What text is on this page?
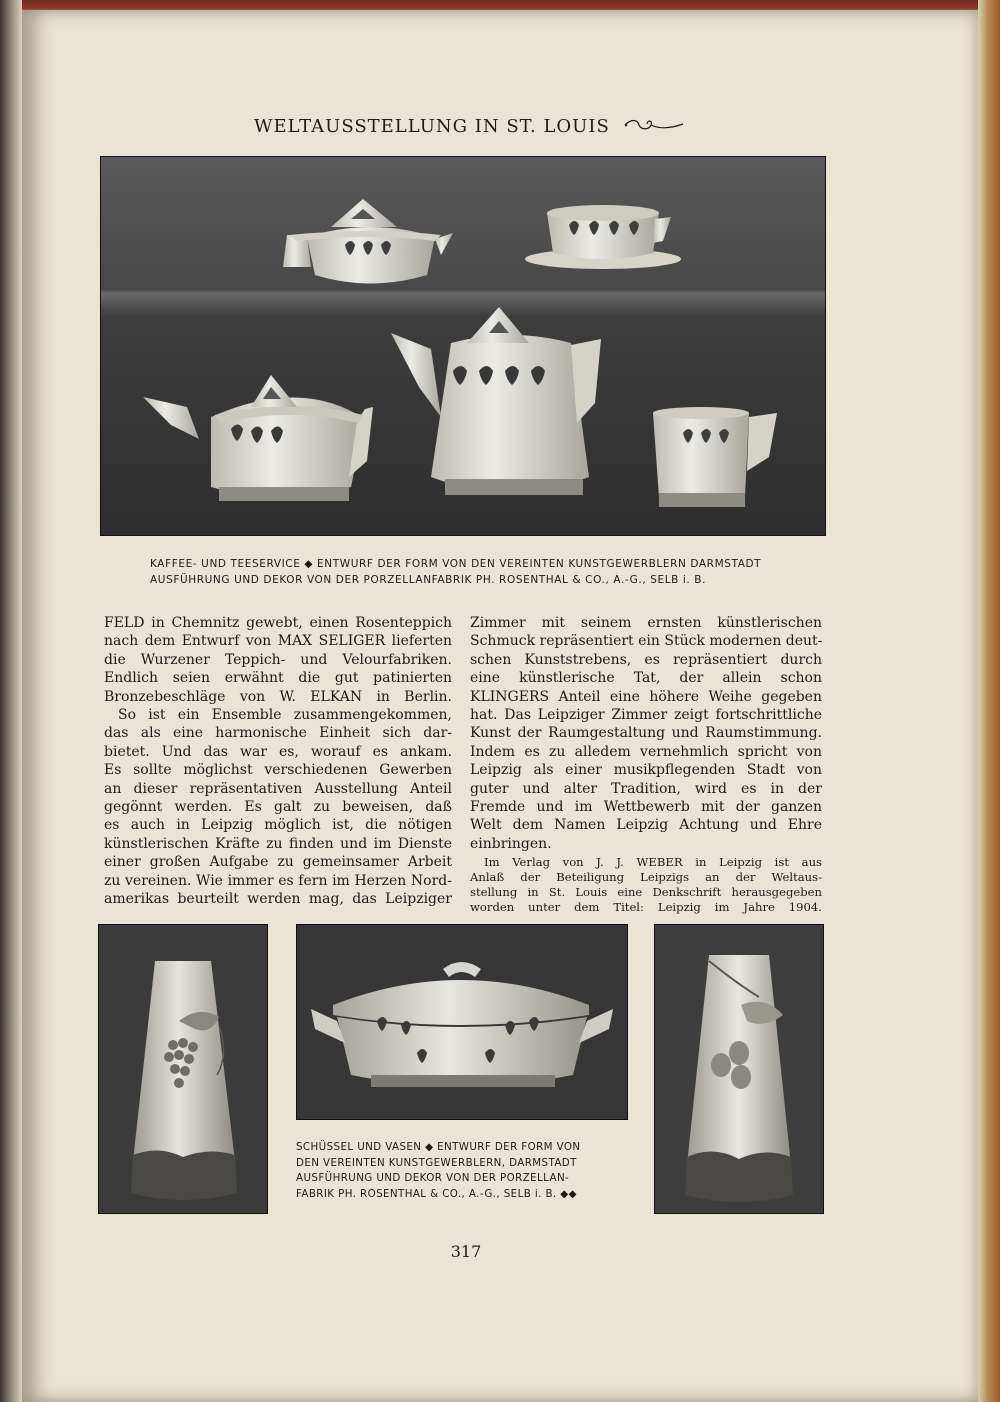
WELTAUSSTELLUNG IN ST. LOUIS
KAFFEE- UND TEESERVICE ◆ ENTWURF DER FORM VON DEN VEREINTEN KUNSTGEWERBLERN DARMSTADT
AUSFÜHRUNG UND DEKOR VON DER PORZELLANFABRIK PH. ROSENTHAL & CO., A.-G., SELB i. B.
FELD in Chemnitz gewebt, einen Rosenteppich
nach dem Entwurf von MAX SELIGER lieferten
die Wurzener Teppich- und Velourfabriken.
Endlich seien erwähnt die gut patinierten
Bronzebeschläge von W. ELKAN in Berlin.
So ist ein Ensemble zusammengekommen,
das als eine harmonische Einheit sich dar-
bietet. Und das war es, worauf es ankam.
Es sollte möglichst verschiedenen Gewerben
an dieser repräsentativen Ausstellung Anteil
gegönnt werden. Es galt zu beweisen, daß
es auch in Leipzig möglich ist, die nötigen
künstlerischen Kräfte zu finden und im Dienste
einer großen Aufgabe zu gemeinsamer Arbeit
zu vereinen. Wie immer es fern im Herzen Nord-
amerikas beurteilt werden mag, das Leipziger
Zimmer mit seinem ernsten künstlerischen
Schmuck repräsentiert ein Stück modernen deut-
schen Kunststrebens, es repräsentiert durch
eine künstlerische Tat, der allein schon
KLINGERS Anteil eine höhere Weihe gegeben
hat. Das Leipziger Zimmer zeigt fortschrittliche
Kunst der Raumgestaltung und Raumstimmung.
Indem es zu alledem vernehmlich spricht von
Leipzig als einer musikpflegenden Stadt von
guter und alter Tradition, wird es in der
Fremde und im Wettbewerb mit der ganzen
Welt dem Namen Leipzig Achtung und Ehre
einbringen.
Im Verlag von J. J. WEBER in Leipzig ist aus
Anlaß der Beteiligung Leipzigs an der Weltaus-
stellung in St. Louis eine Denkschrift herausgegeben
worden unter dem Titel: Leipzig im Jahre 1904.
SCHÜSSEL UND VASEN ◆ ENTWURF DER FORM VON
DEN VEREINTEN KUNSTGEWERBLERN, DARMSTADT
AUSFÜHRUNG UND DEKOR VON DER PORZELLAN-
FABRIK PH. ROSENTHAL & CO., A.-G., SELB i. B. ◆◆
317
